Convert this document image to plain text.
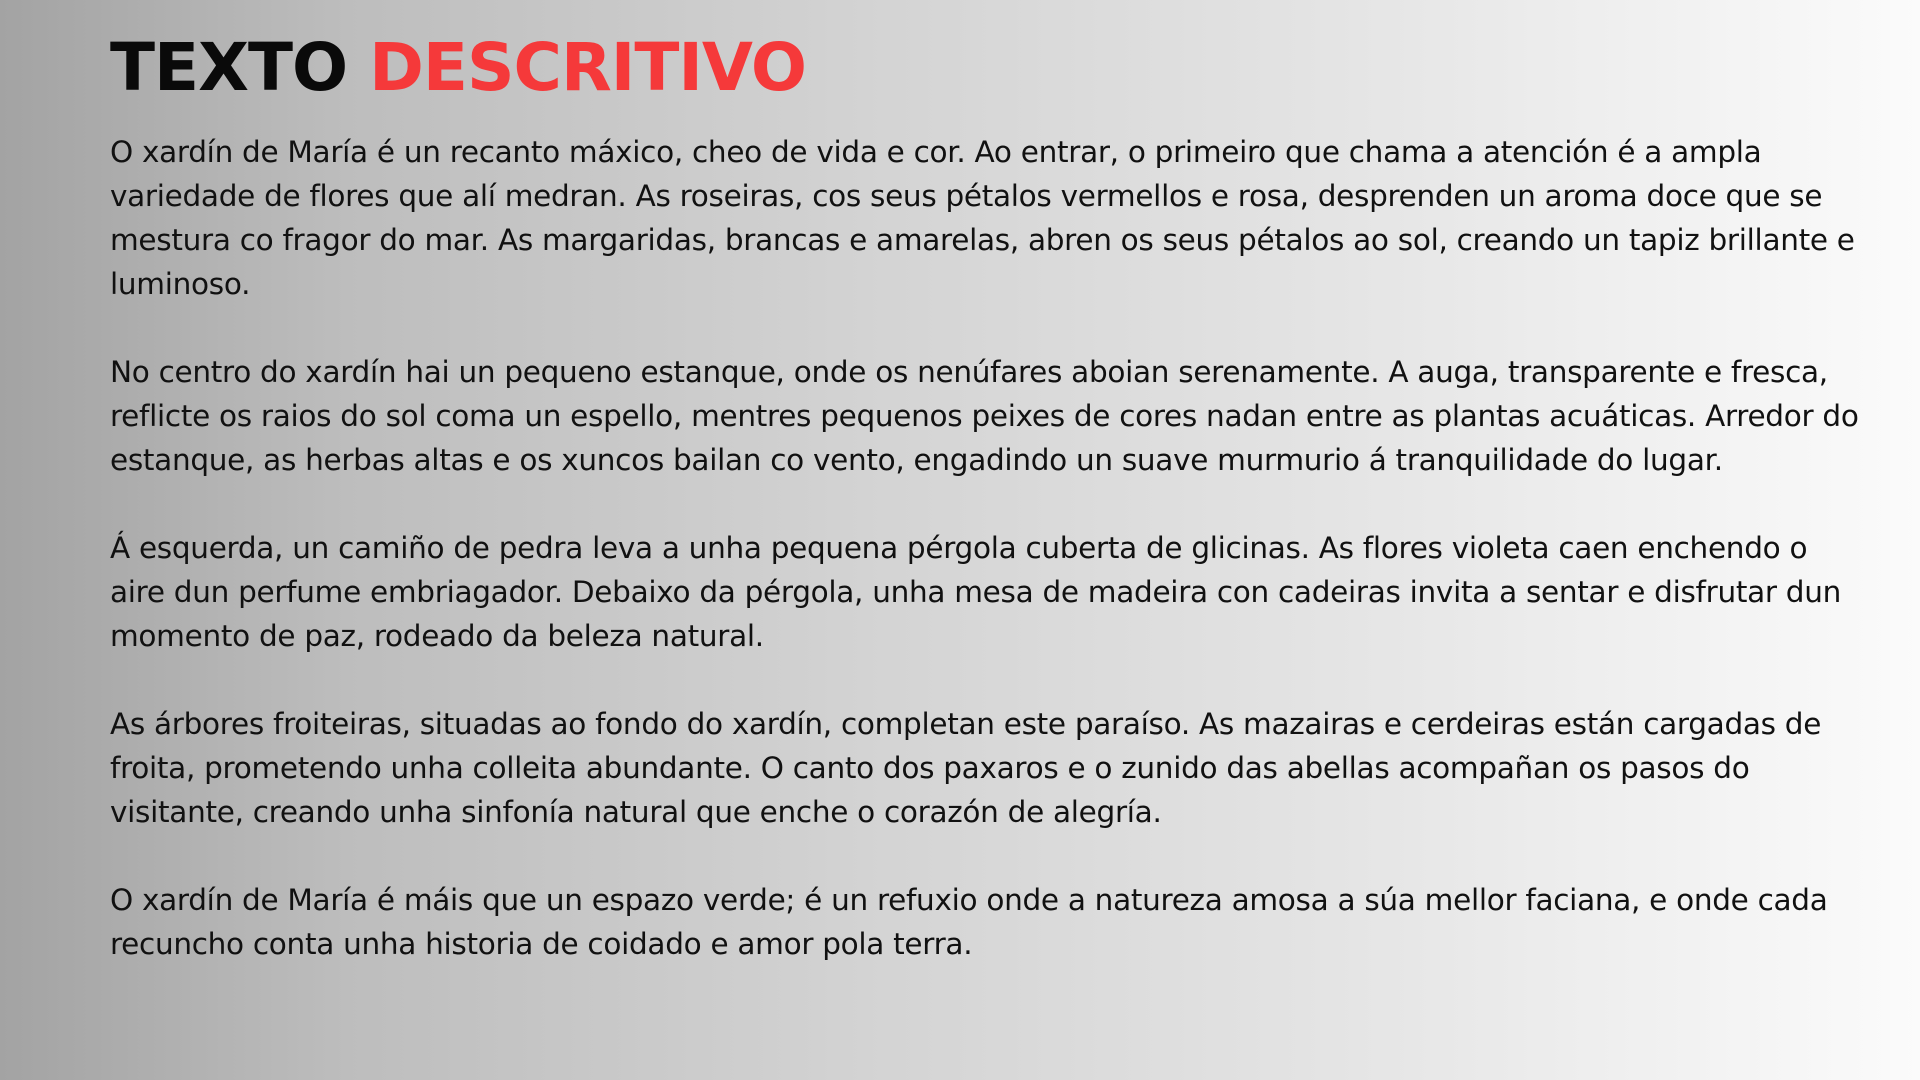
TEXTO DESCRITIVO

O xardín de María é un recanto máxico, cheo de vida e cor. Ao entrar, o primeiro que chama a atención é a ampla variedade de flores que alí medran. As roseiras, cos seus pétalos vermellos e rosa, desprenden un aroma doce que se mestura co fragor do mar. As margaridas, brancas e amarelas, abren os seus pétalos ao sol, creando un tapiz brillante e luminoso.

No centro do xardín hai un pequeno estanque, onde os nenúfares aboian serenamente. A auga, transparente e fresca, reflicte os raios do sol coma un espello, mentres pequenos peixes de cores nadan entre as plantas acuáticas. Arredor do estanque, as herbas altas e os xuncos bailan co vento, engadindo un suave murmurio á tranquilidade do lugar.

Á esquerda, un camiño de pedra leva a unha pequena pérgola cuberta de glicinas. As flores violeta caen enchendo o aire dun perfume embriagador. Debaixo da pérgola, unha mesa de madeira con cadeiras invita a sentar e disfrutar dun momento de paz, rodeado da beleza natural.

As árbores froiteiras, situadas ao fondo do xardín, completan este paraíso. As mazairas e cerdeiras están cargadas de froita, prometendo unha colleita abundante. O canto dos paxaros e o zunido das abellas acompañan os pasos do visitante, creando unha sinfonía natural que enche o corazón de alegría.

O xardín de María é máis que un espazo verde; é un refuxio onde a natureza amosa a súa mellor faciana, e onde cada recuncho conta unha historia de coidado e amor pola terra.
